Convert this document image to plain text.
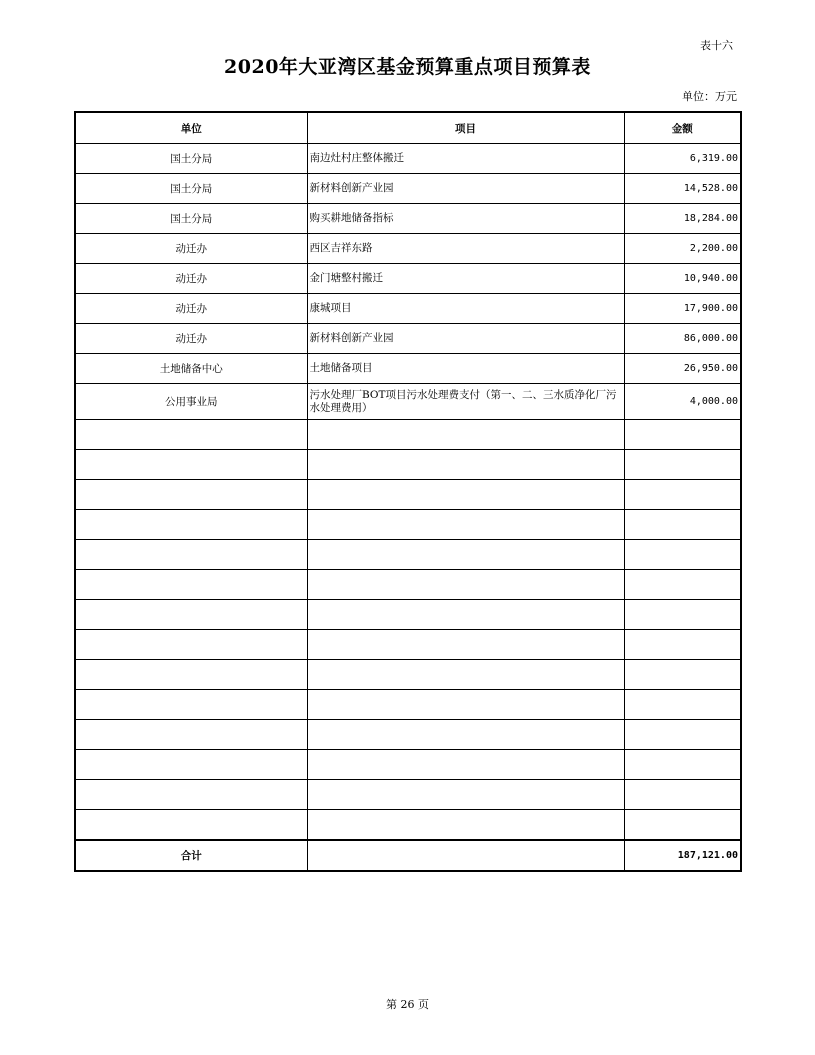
表十六
2020年大亚湾区基金预算重点项目预算表
单位：万元
单位	项目	金额
国土分局	南边灶村庄整体搬迁	6,319.00
国土分局	新材料创新产业园	14,528.00
国土分局	购买耕地储备指标	18,284.00
动迁办	西区吉祥东路	2,200.00
动迁办	金门塘整村搬迁	10,940.00
动迁办	康城项目	17,900.00
动迁办	新材料创新产业园	86,000.00
土地储备中心	土地储备项目	26,950.00
公用事业局	污水处理厂BOT项目污水处理费支付（第一、二、三水质净化厂污水处理费用）	4,000.00

合计		187,121.00
第 26 页
